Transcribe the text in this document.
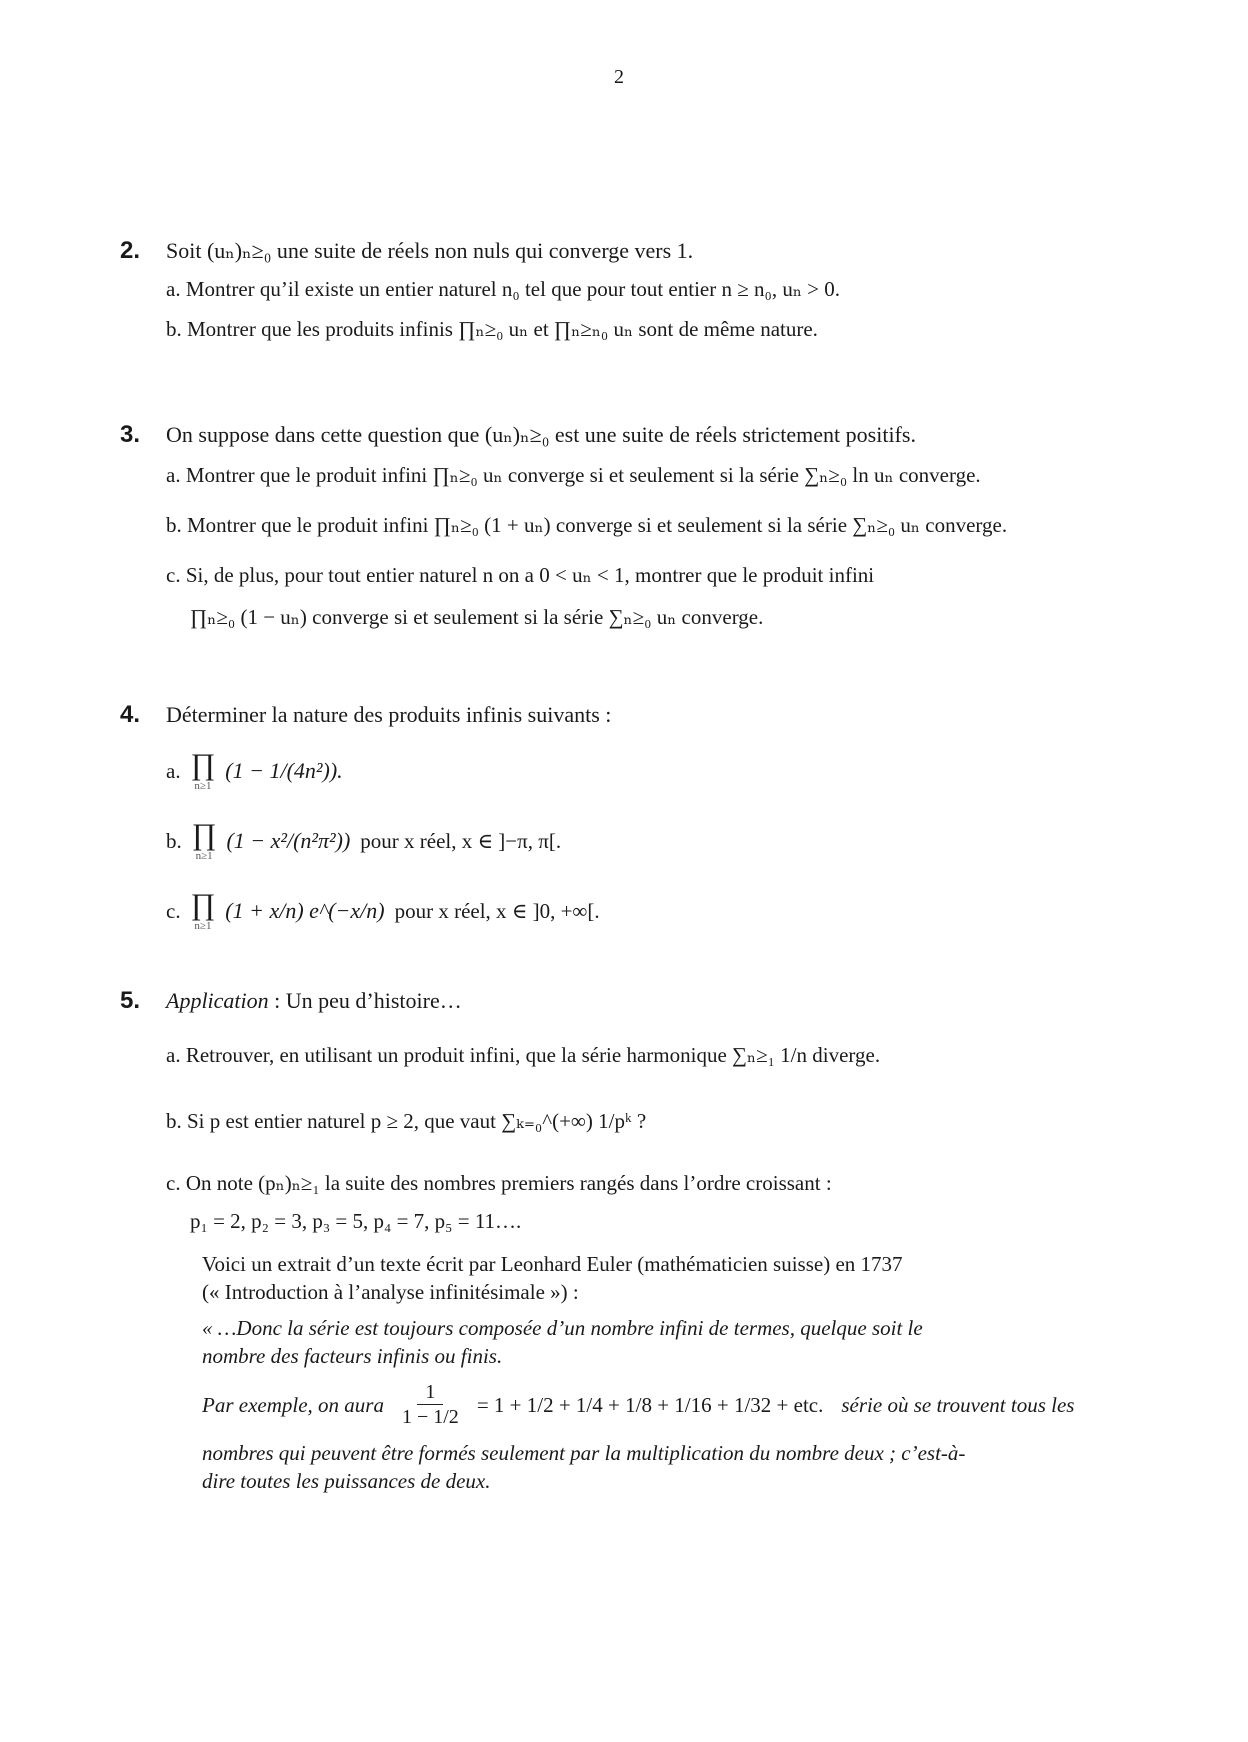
2
2. Soit (uₙ)ₙ≥₀ une suite de réels non nuls qui converge vers 1.
a. Montrer qu’il existe un entier naturel n₀ tel que pour tout entier n ≥ n₀, uₙ > 0.
b. Montrer que les produits infinis ∏ₙ≥₀ uₙ et ∏ₙ≥ₙ₀ uₙ sont de même nature.
3. On suppose dans cette question que (uₙ)ₙ≥₀ est une suite de réels strictement positifs.
a. Montrer que le produit infini ∏ₙ≥₀ uₙ converge si et seulement si la série ∑ₙ≥₀ ln uₙ converge.
b. Montrer que le produit infini ∏ₙ≥₀ (1 + uₙ) converge si et seulement si la série ∑ₙ≥₀ uₙ converge.
c. Si, de plus, pour tout entier naturel n on a 0 < uₙ < 1, montrer que le produit infini
∏ₙ≥₀ (1 − uₙ) converge si et seulement si la série ∑ₙ≥₀ uₙ converge.
4. Déterminer la nature des produits infinis suivants :
a. ∏
n≥1
(1 − 1/(4n²)).
b. ∏
n≥1
(1 − x²/(n²π²)) pour x réel, x ∈ ]−π, π[.
c. ∏
n≥1
(1 + x/n) e^(−x/n) pour x réel, x ∈ ]0, +∞[.
5. Application : Un peu d’histoire…
a. Retrouver, en utilisant un produit infini, que la série harmonique ∑ₙ≥₁ 1/n diverge.
b. Si p est entier naturel p ≥ 2, que vaut ∑ₖ₌₀^(+∞) 1/pᵏ ?
c. On note (pₙ)ₙ≥₁ la suite des nombres premiers rangés dans l’ordre croissant :
p₁ = 2, p₂ = 3, p₃ = 5, p₄ = 7, p₅ = 11….
Voici un extrait d’un texte écrit par Leonhard Euler (mathématicien suisse) en 1737
(« Introduction à l’analyse infinitésimale ») :
« …Donc la série est toujours composée d’un nombre infini de termes, quelque soit le
nombre des facteurs infinis ou finis.
Par exemple, on aura $\frac{1}{1 - 1/2} = 1 + 1/2 + 1/4 + 1/8 + 1/16 + 1/32$ + etc. série où se trouvent tous les
nombres qui peuvent être formés seulement par la multiplication du nombre deux ; c’est-à-
dire toutes les puissances de deux.
